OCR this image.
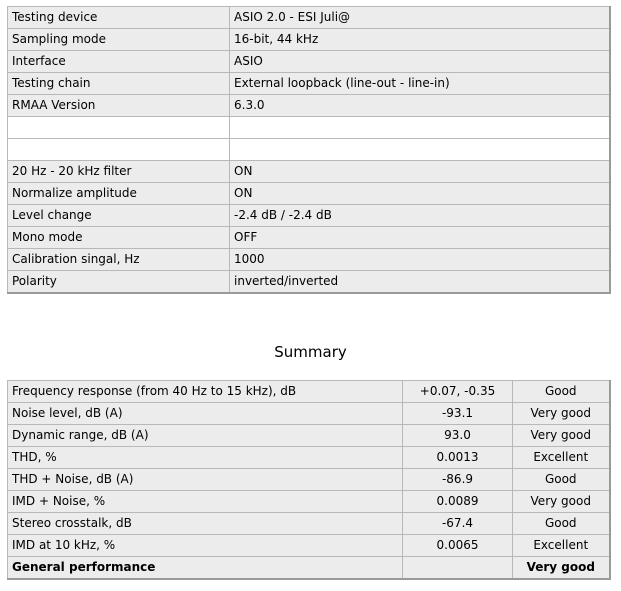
Testing device	ASIO 2.0 - ESI Juli@
Sampling mode	16-bit, 44 kHz
Interface	ASIO
Testing chain	External loopback (line-out - line-in)
RMAA Version	6.3.0

20 Hz - 20 kHz filter	ON
Normalize amplitude	ON
Level change	-2.4 dB / -2.4 dB
Mono mode	OFF
Calibration singal, Hz	1000
Polarity	inverted/inverted
Summary
Frequency response (from 40 Hz to 15 kHz), dB	+0.07, -0.35	Good
Noise level, dB (A)	-93.1	Very good
Dynamic range, dB (A)	93.0	Very good
THD, %	0.0013	Excellent
THD + Noise, dB (A)	-86.9	Good
IMD + Noise, %	0.0089	Very good
Stereo crosstalk, dB	-67.4	Good
IMD at 10 kHz, %	0.0065	Excellent
General performance		Very good
